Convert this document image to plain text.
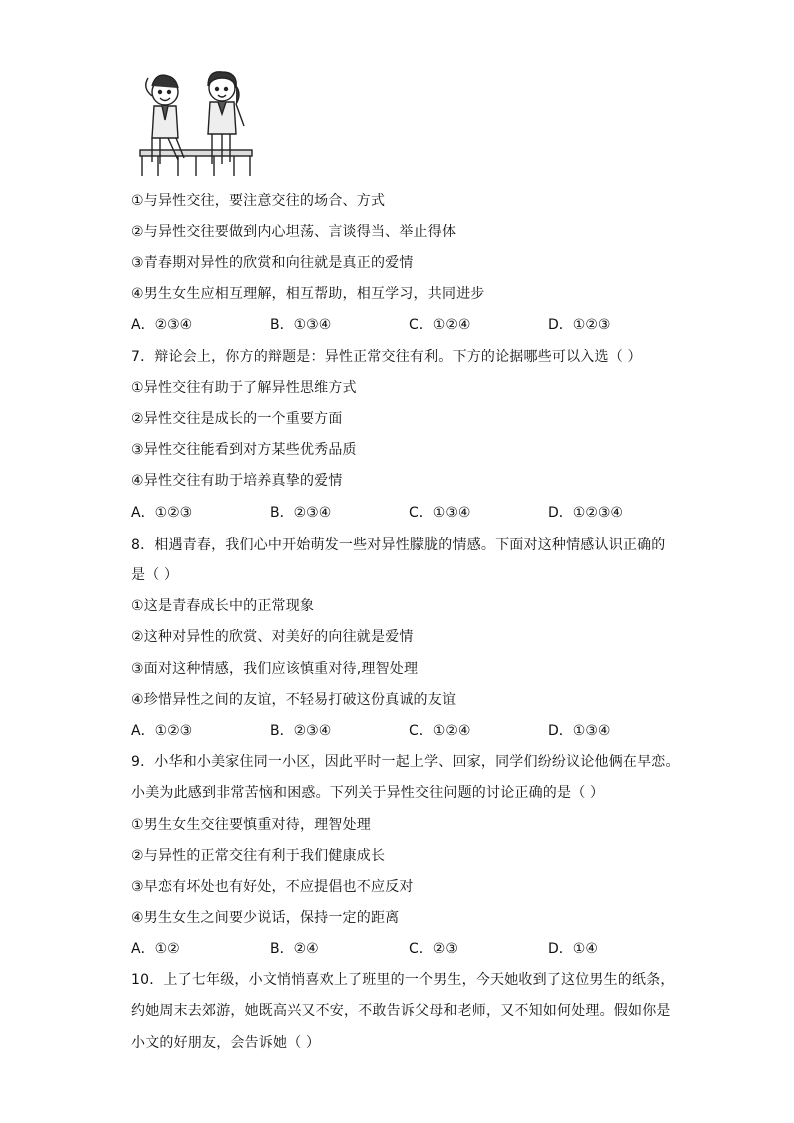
①与异性交往，要注意交往的场合、方式
②与异性交往要做到内心坦荡、言谈得当、举止得体
③青春期对异性的欣赏和向往就是真正的爱情
④男生女生应相互理解，相互帮助，相互学习，共同进步
A．②③④	B．①③④	C．①②④	D．①②③
7．辩论会上，你方的辩题是：异性正常交往有利。下方的论据哪些可以入选（ ）
①异性交往有助于了解异性思维方式
②异性交往是成长的一个重要方面
③异性交往能看到对方某些优秀品质
④异性交往有助于培养真挚的爱情
A．①②③	B．②③④	C．①③④	D．①②③④
8．相遇青春，我们心中开始萌发一些对异性朦胧的情感。下面对这种情感认识正确的
是（ ）
①这是青春成长中的正常现象
②这种对异性的欣赏、对美好的向往就是爱情
③面对这种情感，我们应该慎重对待,理智处理
④珍惜异性之间的友谊，不轻易打破这份真诚的友谊
A．①②③	B．②③④	C．①②④	D．①③④
9．小华和小美家住同一小区，因此平时一起上学、回家，同学们纷纷议论他俩在早恋。
小美为此感到非常苦恼和困惑。下列关于异性交往问题的讨论正确的是（ ）
①男生女生交往要慎重对待，理智处理
②与异性的正常交往有利于我们健康成长
③早恋有坏处也有好处，不应提倡也不应反对
④男生女生之间要少说话，保持一定的距离
A．①②	B．②④	C．②③	D．①④
10．上了七年级，小文悄悄喜欢上了班里的一个男生，今天她收到了这位男生的纸条，
约她周末去郊游，她既高兴又不安，不敢告诉父母和老师，又不知如何处理。假如你是
小文的好朋友，会告诉她（ ）
